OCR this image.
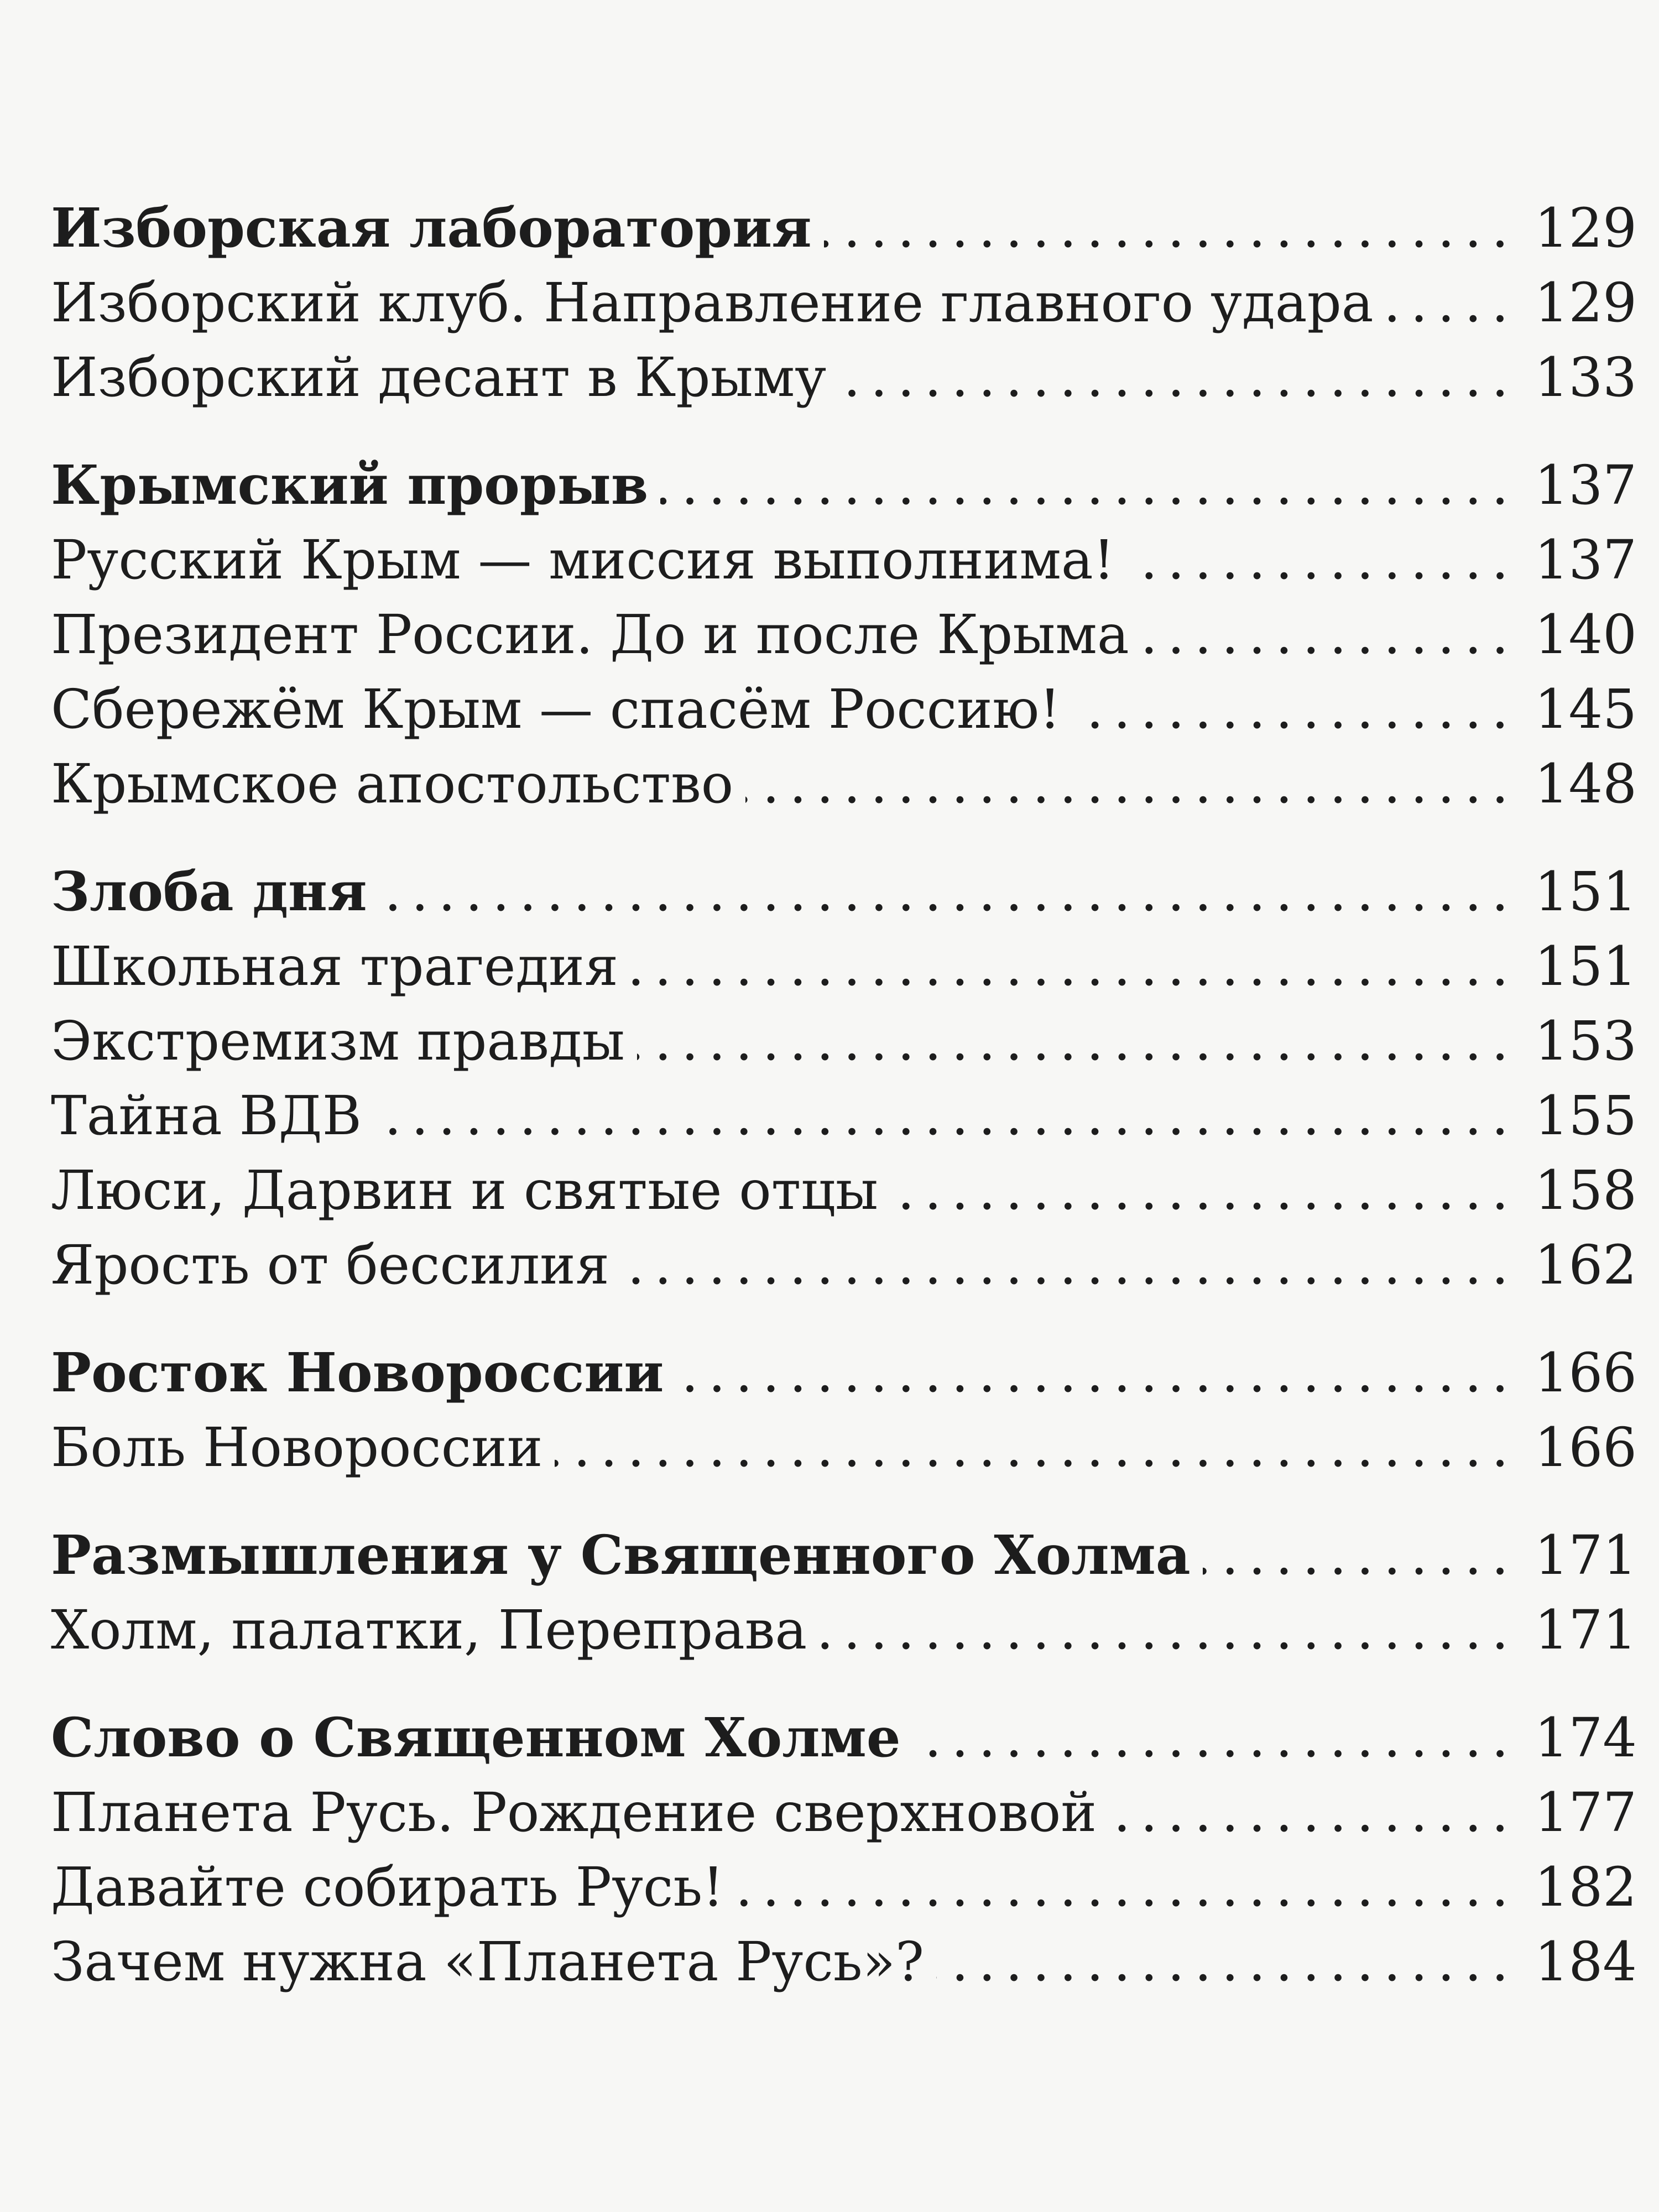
Изборская лаборатория .....	129
Изборский клуб. Направление главного удара .....	129
Изборский десант в Крыму .....	133
Крымский прорыв .....	137
Русский Крым — миссия выполнима! .....	137
Президент России. До и после Крыма .....	140
Сбережём Крым — спасём Россию! .....	145
Крымское апостольство .....	148
Злоба дня .....	151
Школьная трагедия .....	151
Экстремизм правды .....	153
Тайна ВДВ .....	155
Люси, Дарвин и святые отцы .....	158
Ярость от бессилия .....	162
Росток Новороссии .....	166
Боль Новороссии .....	166
Размышления у Священного Холма .....	171
Холм, палатки, Переправа .....	171
Слово о Священном Холме .....	174
Планета Русь. Рождение сверхновой .....	177
Давайте собирать Русь! .....	182
Зачем нужна «Планета Русь»? .....	184
